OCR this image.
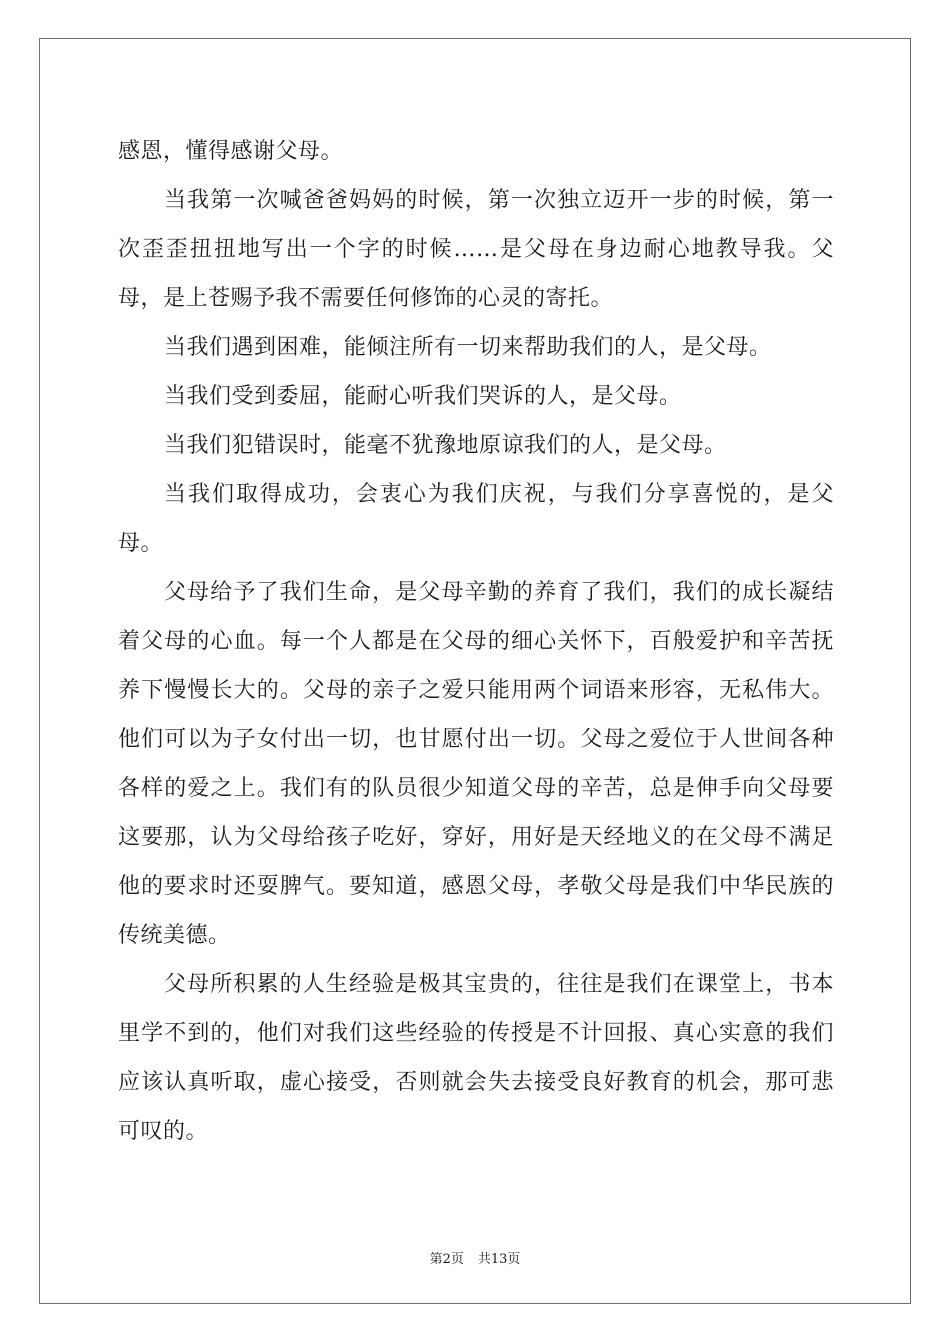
感恩，懂得感谢父母。

当我第一次喊爸爸妈妈的时候，第一次独立迈开一步的时候，第一次歪歪扭扭地写出一个字的时候……是父母在身边耐心地教导我。父母，是上苍赐予我不需要任何修饰的心灵的寄托。

当我们遇到困难，能倾注所有一切来帮助我们的人，是父母。

当我们受到委屈，能耐心听我们哭诉的人，是父母。

当我们犯错误时，能毫不犹豫地原谅我们的人，是父母。

当我们取得成功，会衷心为我们庆祝，与我们分享喜悦的，是父母。

父母给予了我们生命，是父母辛勤的养育了我们，我们的成长凝结着父母的心血。每一个人都是在父母的细心关怀下，百般爱护和辛苦抚养下慢慢长大的。父母的亲子之爱只能用两个词语来形容，无私伟大。他们可以为子女付出一切，也甘愿付出一切。父母之爱位于人世间各种各样的爱之上。我们有的队员很少知道父母的辛苦，总是伸手向父母要这要那，认为父母给孩子吃好，穿好，用好是天经地义的在父母不满足他的要求时还耍脾气。要知道，感恩父母，孝敬父母是我们中华民族的传统美德。

父母所积累的人生经验是极其宝贵的，往往是我们在课堂上，书本里学不到的，他们对我们这些经验的传授是不计回报、真心实意的我们应该认真听取，虚心接受，否则就会失去接受良好教育的机会，那可悲可叹的。

第2页 共13页
